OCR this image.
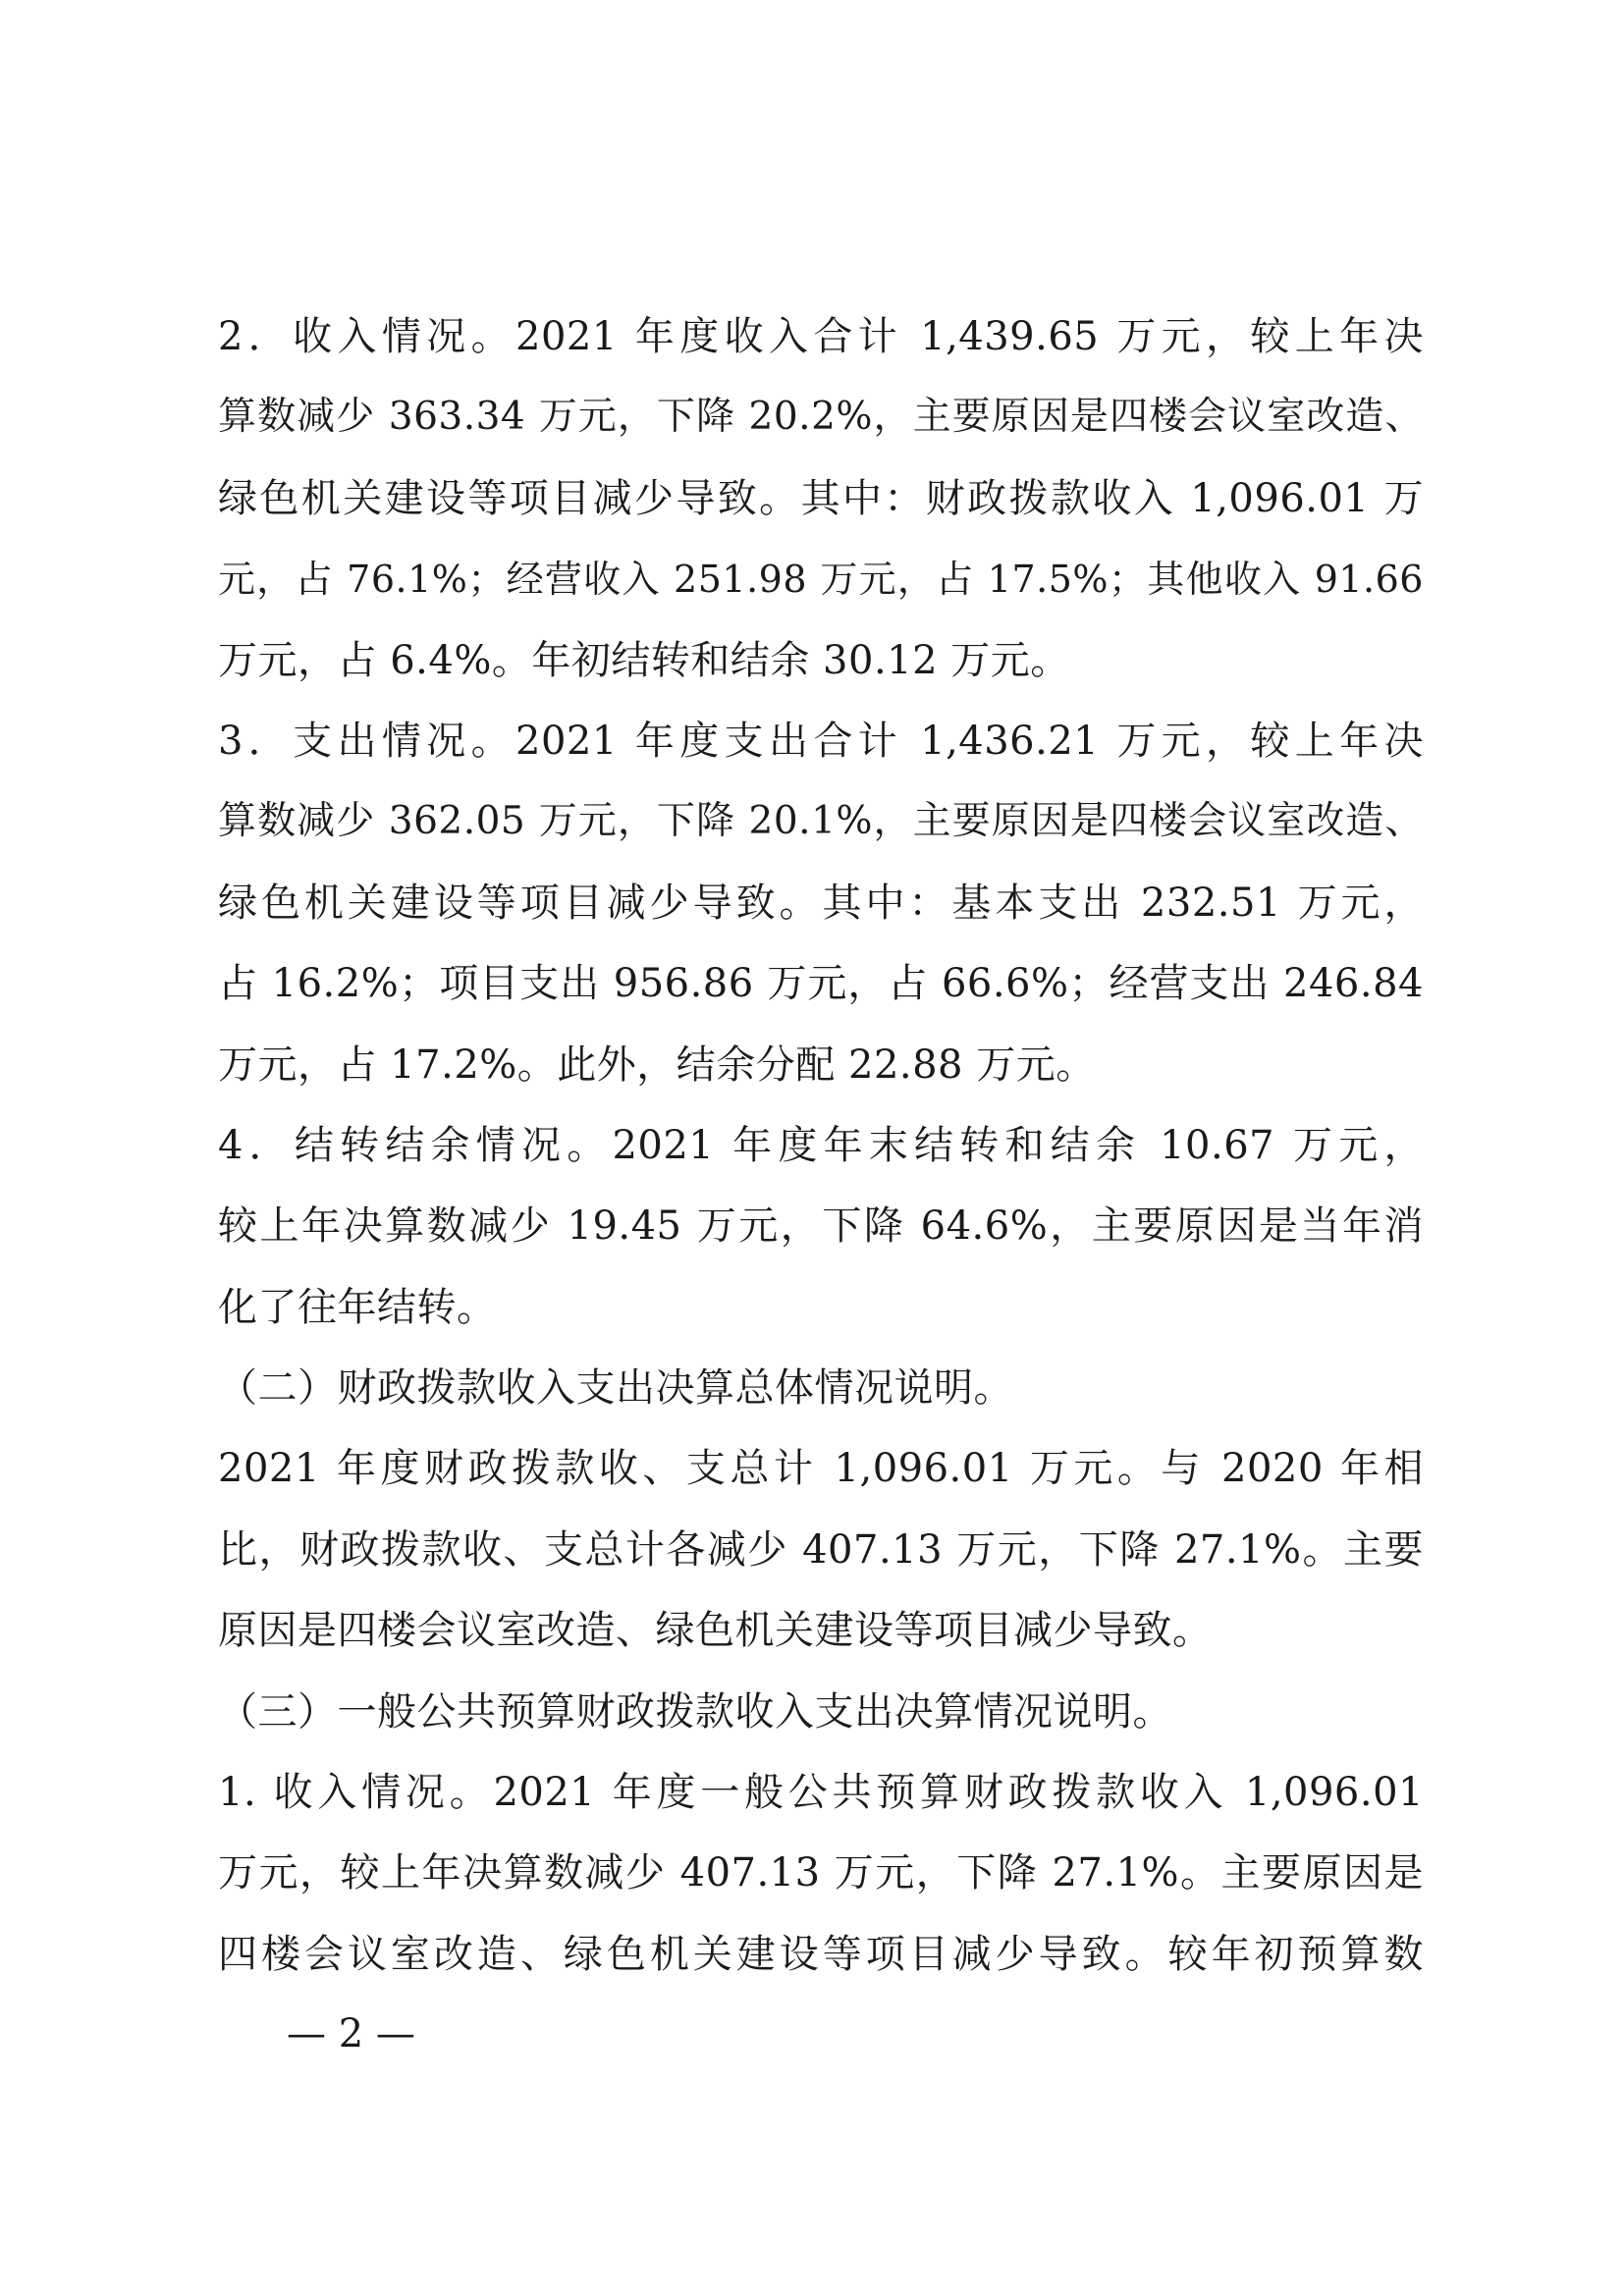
2．收入情况。2021 年度收入合计 1,439.65 万元，较上年决
算数减少 363.34 万元，下降 20.2%，主要原因是四楼会议室改造、
绿色机关建设等项目减少导致。其中：财政拨款收入 1,096.01 万
元，占 76.1%；经营收入 251.98 万元，占 17.5%；其他收入 91.66
万元，占 6.4%。年初结转和结余 30.12 万元。
3．支出情况。2021 年度支出合计 1,436.21 万元，较上年决
算数减少 362.05 万元，下降 20.1%，主要原因是四楼会议室改造、
绿色机关建设等项目减少导致。其中：基本支出 232.51 万元，
占 16.2%；项目支出 956.86 万元，占 66.6%；经营支出 246.84
万元，占 17.2%。此外，结余分配 22.88 万元。
4．结转结余情况。2021 年度年末结转和结余 10.67 万元，
较上年决算数减少 19.45 万元，下降 64.6%，主要原因是当年消
化了往年结转。
（二）财政拨款收入支出决算总体情况说明。
2021 年度财政拨款收、支总计 1,096.01 万元。与 2020 年相
比，财政拨款收、支总计各减少 407.13 万元，下降 27.1%。主要
原因是四楼会议室改造、绿色机关建设等项目减少导致。
（三）一般公共预算财政拨款收入支出决算情况说明。
1. 收入情况。2021 年度一般公共预算财政拨款收入 1,096.01
万元，较上年决算数减少 407.13 万元，下降 27.1%。主要原因是
四楼会议室改造、绿色机关建设等项目减少导致。较年初预算数
— 2 —
